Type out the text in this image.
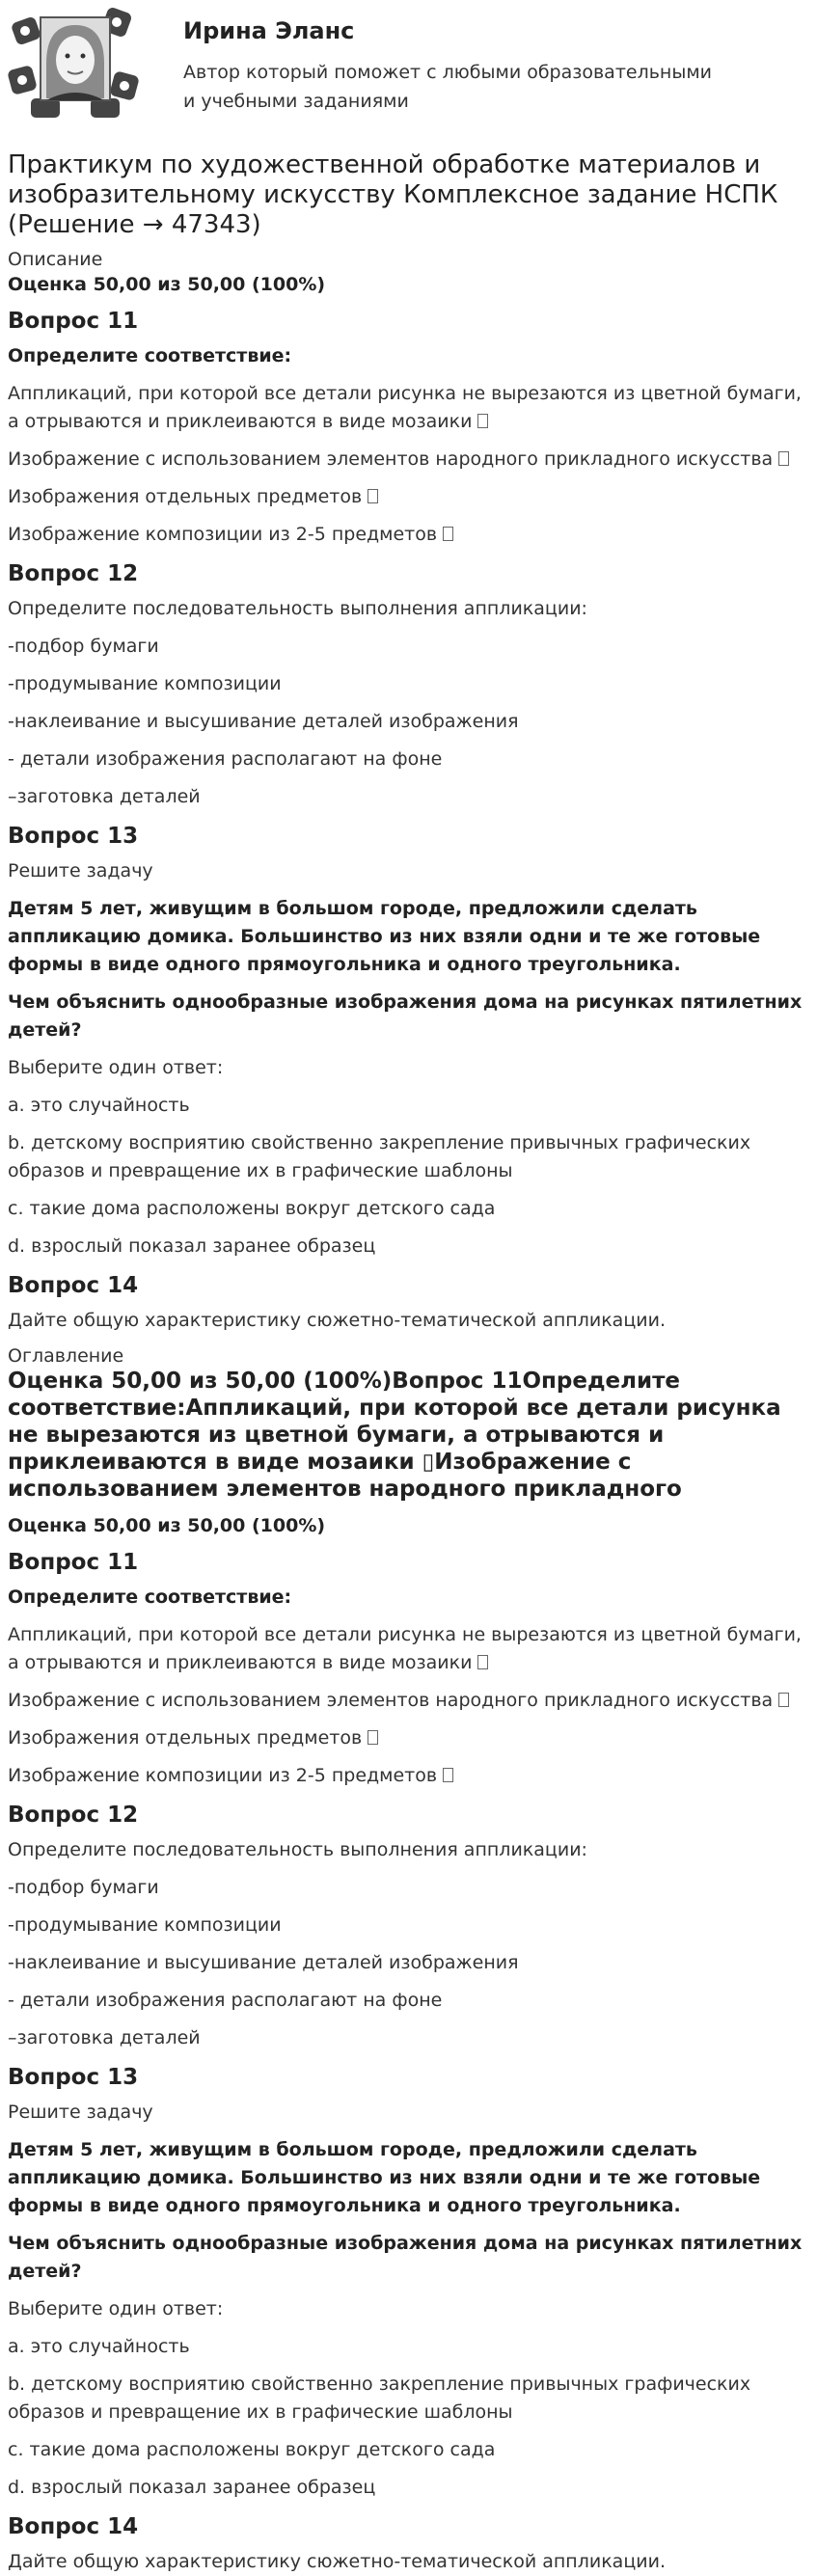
Ирина Эланс
Автор который поможет с любыми образовательными и учебными заданиями
Практикум по художественной обработке материалов и изобразительному искусству Комплексное задание НСПК (Решение → 47343)
Описание
Оценка 50,00 из 50,00 (100%)
Вопрос 11
Определите соответствие:
Аппликаций, при которой все детали рисунка не вырезаются из цветной бумаги, а отрываются и приклеиваются в виде мозаики
Изображение с использованием элементов народного прикладного искусства
Изображения отдельных предметов
Изображение композиции из 2-5 предметов
Вопрос 12
Определите последовательность выполнения аппликации:
-подбор бумаги
-продумывание композиции
-наклеивание и высушивание деталей изображения
- детали изображения располагают на фоне
–заготовка деталей
Вопрос 13
Решите задачу
Детям 5 лет, живущим в большом городе, предложили сделать аппликацию домика. Большинство из них взяли одни и те же готовые формы в виде одного прямоугольника и одного треугольника.
Чем объяснить однообразные изображения дома на рисунках пятилетних детей?
Выберите один ответ:
a. это случайность
b. детскому восприятию свойственно закрепление привычных графических образов и превращение их в графические шаблоны
c. такие дома расположены вокруг детского сада
d. взрослый показал заранее образец
Вопрос 14
Дайте общую характеристику сюжетно-тематической аппликации.
Оглавление
Оценка 50,00 из 50,00 (100%)Вопрос 11Определите соответствие:Аппликаций, при которой все детали рисунка не вырезаются из цветной бумаги, а отрываются и приклеиваются в виде мозаики ▯Изображение с использованием элементов народного прикладного
Оценка 50,00 из 50,00 (100%)
Вопрос 11
Определите соответствие:
Аппликаций, при которой все детали рисунка не вырезаются из цветной бумаги, а отрываются и приклеиваются в виде мозаики
Изображение с использованием элементов народного прикладного искусства
Изображения отдельных предметов
Изображение композиции из 2-5 предметов
Вопрос 12
Определите последовательность выполнения аппликации:
-подбор бумаги
-продумывание композиции
-наклеивание и высушивание деталей изображения
- детали изображения располагают на фоне
–заготовка деталей
Вопрос 13
Решите задачу
Детям 5 лет, живущим в большом городе, предложили сделать аппликацию домика. Большинство из них взяли одни и те же готовые формы в виде одного прямоугольника и одного треугольника.
Чем объяснить однообразные изображения дома на рисунках пятилетних детей?
Выберите один ответ:
a. это случайность
b. детскому восприятию свойственно закрепление привычных графических образов и превращение их в графические шаблоны
c. такие дома расположены вокруг детского сада
d. взрослый показал заранее образец
Вопрос 14
Дайте общую характеристику сюжетно-тематической аппликации.
